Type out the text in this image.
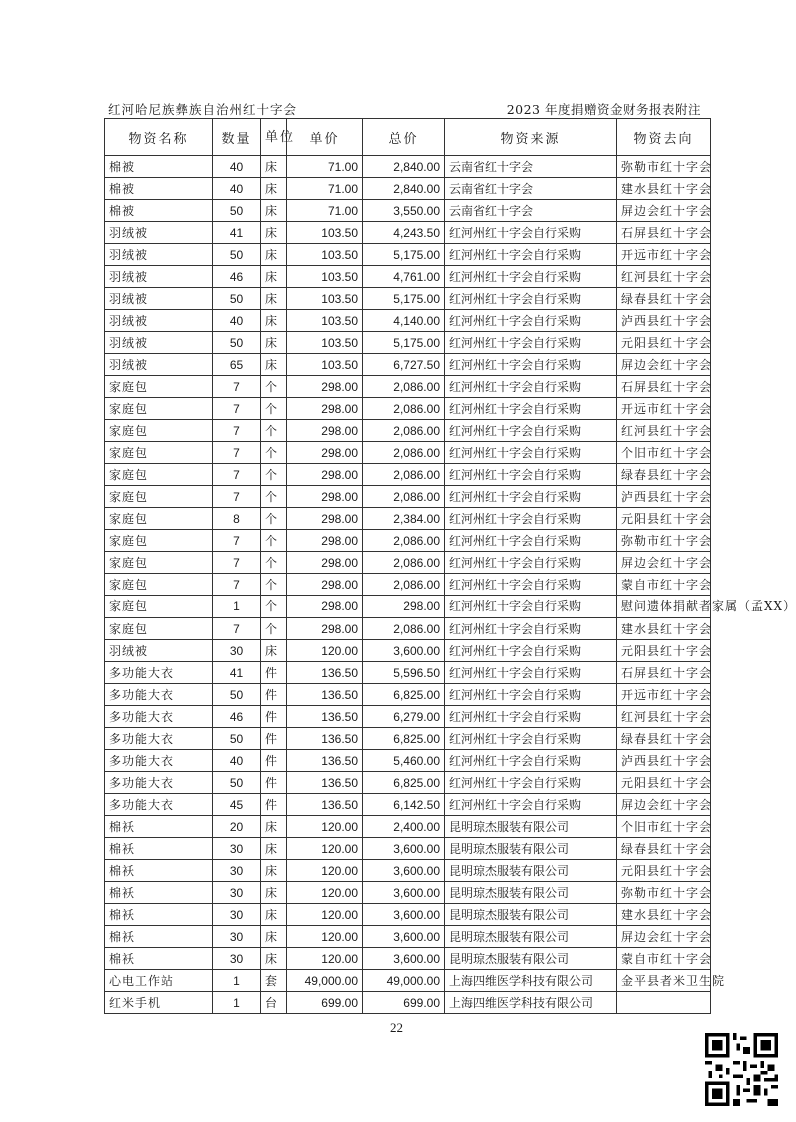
红河哈尼族彝族自治州红十字会	2023 年度捐赠资金财务报表附注
物资名称	数量	单位	单价	总价	物资来源	物资去向
棉被	40	床	71.00	2,840.00	云南省红十字会	弥勒市红十字会
棉被	40	床	71.00	2,840.00	云南省红十字会	建水县红十字会
棉被	50	床	71.00	3,550.00	云南省红十字会	屏边会红十字会
羽绒被	41	床	103.50	4,243.50	红河州红十字会自行采购	石屏县红十字会
羽绒被	50	床	103.50	5,175.00	红河州红十字会自行采购	开远市红十字会
羽绒被	46	床	103.50	4,761.00	红河州红十字会自行采购	红河县红十字会
羽绒被	50	床	103.50	5,175.00	红河州红十字会自行采购	绿春县红十字会
羽绒被	40	床	103.50	4,140.00	红河州红十字会自行采购	泸西县红十字会
羽绒被	50	床	103.50	5,175.00	红河州红十字会自行采购	元阳县红十字会
羽绒被	65	床	103.50	6,727.50	红河州红十字会自行采购	屏边会红十字会
家庭包	7	个	298.00	2,086.00	红河州红十字会自行采购	石屏县红十字会
家庭包	7	个	298.00	2,086.00	红河州红十字会自行采购	开远市红十字会
家庭包	7	个	298.00	2,086.00	红河州红十字会自行采购	红河县红十字会
家庭包	7	个	298.00	2,086.00	红河州红十字会自行采购	个旧市红十字会
家庭包	7	个	298.00	2,086.00	红河州红十字会自行采购	绿春县红十字会
家庭包	7	个	298.00	2,086.00	红河州红十字会自行采购	泸西县红十字会
家庭包	8	个	298.00	2,384.00	红河州红十字会自行采购	元阳县红十字会
家庭包	7	个	298.00	2,086.00	红河州红十字会自行采购	弥勒市红十字会
家庭包	7	个	298.00	2,086.00	红河州红十字会自行采购	屏边会红十字会
家庭包	7	个	298.00	2,086.00	红河州红十字会自行采购	蒙自市红十字会
家庭包	1	个	298.00	298.00	红河州红十字会自行采购	慰问遗体捐献者家属（孟XX）
家庭包	7	个	298.00	2,086.00	红河州红十字会自行采购	建水县红十字会
羽绒被	30	床	120.00	3,600.00	红河州红十字会自行采购	元阳县红十字会
多功能大衣	41	件	136.50	5,596.50	红河州红十字会自行采购	石屏县红十字会
多功能大衣	50	件	136.50	6,825.00	红河州红十字会自行采购	开远市红十字会
多功能大衣	46	件	136.50	6,279.00	红河州红十字会自行采购	红河县红十字会
多功能大衣	50	件	136.50	6,825.00	红河州红十字会自行采购	绿春县红十字会
多功能大衣	40	件	136.50	5,460.00	红河州红十字会自行采购	泸西县红十字会
多功能大衣	50	件	136.50	6,825.00	红河州红十字会自行采购	元阳县红十字会
多功能大衣	45	件	136.50	6,142.50	红河州红十字会自行采购	屏边会红十字会
棉袄	20	床	120.00	2,400.00	昆明琼杰服装有限公司	个旧市红十字会
棉袄	30	床	120.00	3,600.00	昆明琼杰服装有限公司	绿春县红十字会
棉袄	30	床	120.00	3,600.00	昆明琼杰服装有限公司	元阳县红十字会
棉袄	30	床	120.00	3,600.00	昆明琼杰服装有限公司	弥勒市红十字会
棉袄	30	床	120.00	3,600.00	昆明琼杰服装有限公司	建水县红十字会
棉袄	30	床	120.00	3,600.00	昆明琼杰服装有限公司	屏边会红十字会
棉袄	30	床	120.00	3,600.00	昆明琼杰服装有限公司	蒙自市红十字会
心电工作站	1	套	49,000.00	49,000.00	上海四维医学科技有限公司	金平县者米卫生院
红米手机	1	台	699.00	699.00	上海四维医学科技有限公司	
22
